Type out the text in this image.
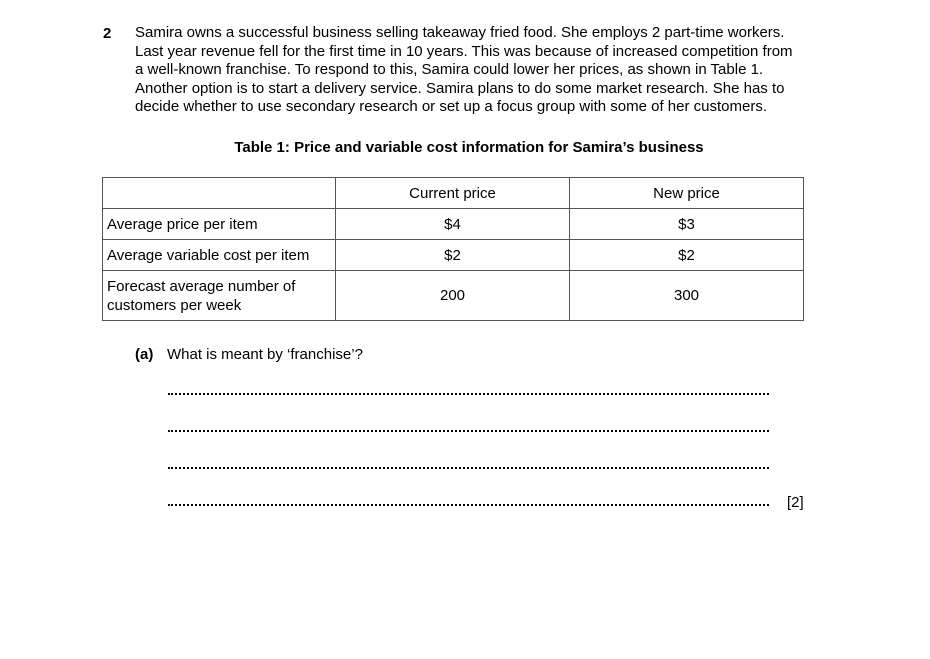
2 Samira owns a successful business selling takeaway fried food. She employs 2 part-time workers.
Last year revenue fell for the first time in 10 years. This was because of increased competition from
a well-known franchise. To respond to this, Samira could lower her prices, as shown in Table 1.
Another option is to start a delivery service. Samira plans to do some market research. She has to
decide whether to use secondary research or set up a focus group with some of her customers.
Table 1: Price and variable cost information for Samira’s business
	Current price	New price
Average price per item	$4	$3
Average variable cost per item	$2	$2
Forecast average number of customers per week	200	300
(a) What is meant by ‘franchise’?
[2]
